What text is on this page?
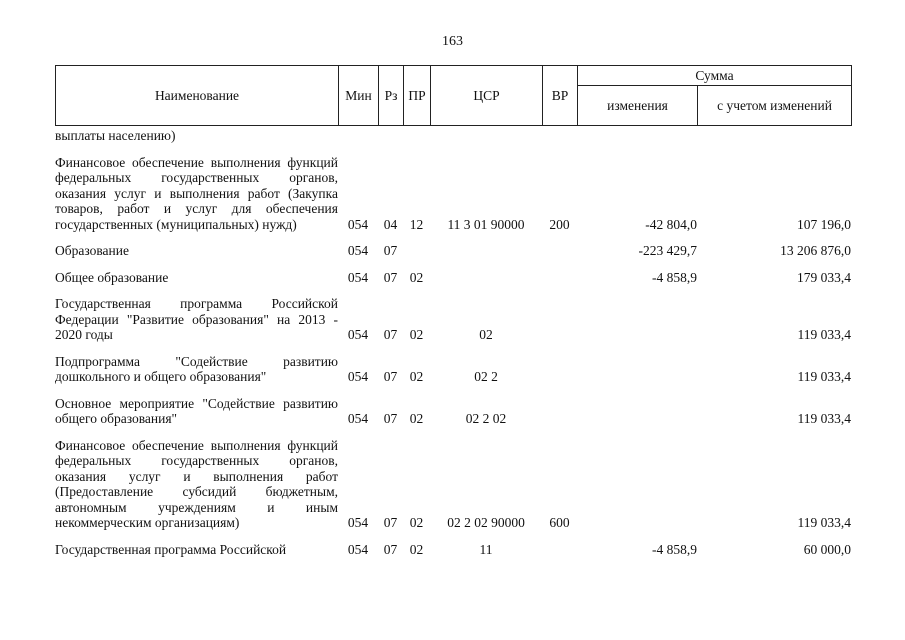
163
Наименование	Мин	Рз	ПР	ЦСР	ВР	Сумма	
						изменения	с учетом изменений
выплаты населению)							
Финансовое обеспечение выполнения функций федеральных государственных органов, оказания услуг и выполнения работ (Закупка товаров, работ и услуг для обеспечения государственных (муниципальных) нужд)	054	04	12	11 3 01 90000	200	-42 804,0	107 196,0
Образование	054	07				-223 429,7	13 206 876,0
Общее образование	054	07	02			-4 858,9	179 033,4
Государственная программа Российской Федерации "Развитие образования" на 2013 - 2020 годы	054	07	02	02			119 033,4
Подпрограмма "Содействие развитию дошкольного и общего образования"	054	07	02	02 2			119 033,4
Основное мероприятие "Содействие развитию общего образования"	054	07	02	02 2 02			119 033,4
Финансовое обеспечение выполнения функций федеральных государственных органов, оказания услуг и выполнения работ (Предоставление субсидий бюджетным, автономным учреждениям и иным некоммерческим организациям)	054	07	02	02 2 02 90000	600		119 033,4
Государственная программа Российской	054	07	02	11		-4 858,9	60 000,0
